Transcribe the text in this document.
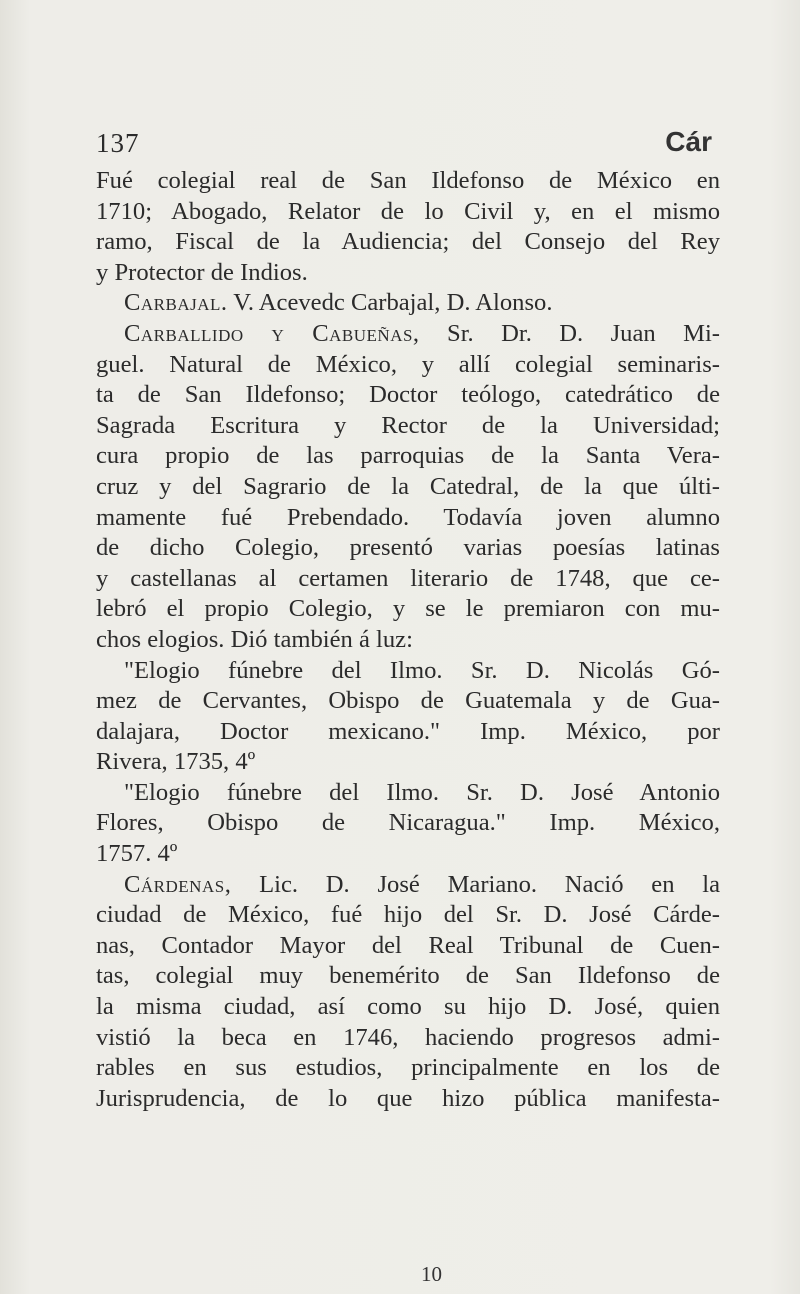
137	Cár
Fué colegial real de San Ildefonso de México en
1710; Abogado, Relator de lo Civil y, en el mismo
ramo, Fiscal de la Audiencia; del Consejo del Rey
y Protector de Indios.
Carbajal. V. Acevedc Carbajal, D. Alonso.
Carballido y Cabueñas, Sr. Dr. D. Juan Mi-
guel. Natural de México, y allí colegial seminaris-
ta de San Ildefonso; Doctor teólogo, catedrático de
Sagrada Escritura y Rector de la Universidad;
cura propio de las parroquias de la Santa Vera-
cruz y del Sagrario de la Catedral, de la que últi-
mamente fué Prebendado. Todavía joven alumno
de dicho Colegio, presentó varias poesías latinas
y castellanas al certamen literario de 1748, que ce-
lebró el propio Colegio, y se le premiaron con mu-
chos elogios. Dió también á luz:
"Elogio fúnebre del Ilmo. Sr. D. Nicolás Gó-
mez de Cervantes, Obispo de Guatemala y de Gua-
dalajara, Doctor mexicano." Imp. México, por
Rivera, 1735, 4º
"Elogio fúnebre del Ilmo. Sr. D. José Antonio
Flores, Obispo de Nicaragua." Imp. México,
1757. 4º
Cárdenas, Lic. D. José Mariano. Nació en la
ciudad de México, fué hijo del Sr. D. José Cárde-
nas, Contador Mayor del Real Tribunal de Cuen-
tas, colegial muy benemérito de San Ildefonso de
la misma ciudad, así como su hijo D. José, quien
vistió la beca en 1746, haciendo progresos admi-
rables en sus estudios, principalmente en los de
Jurisprudencia, de lo que hizo pública manifesta-
10
